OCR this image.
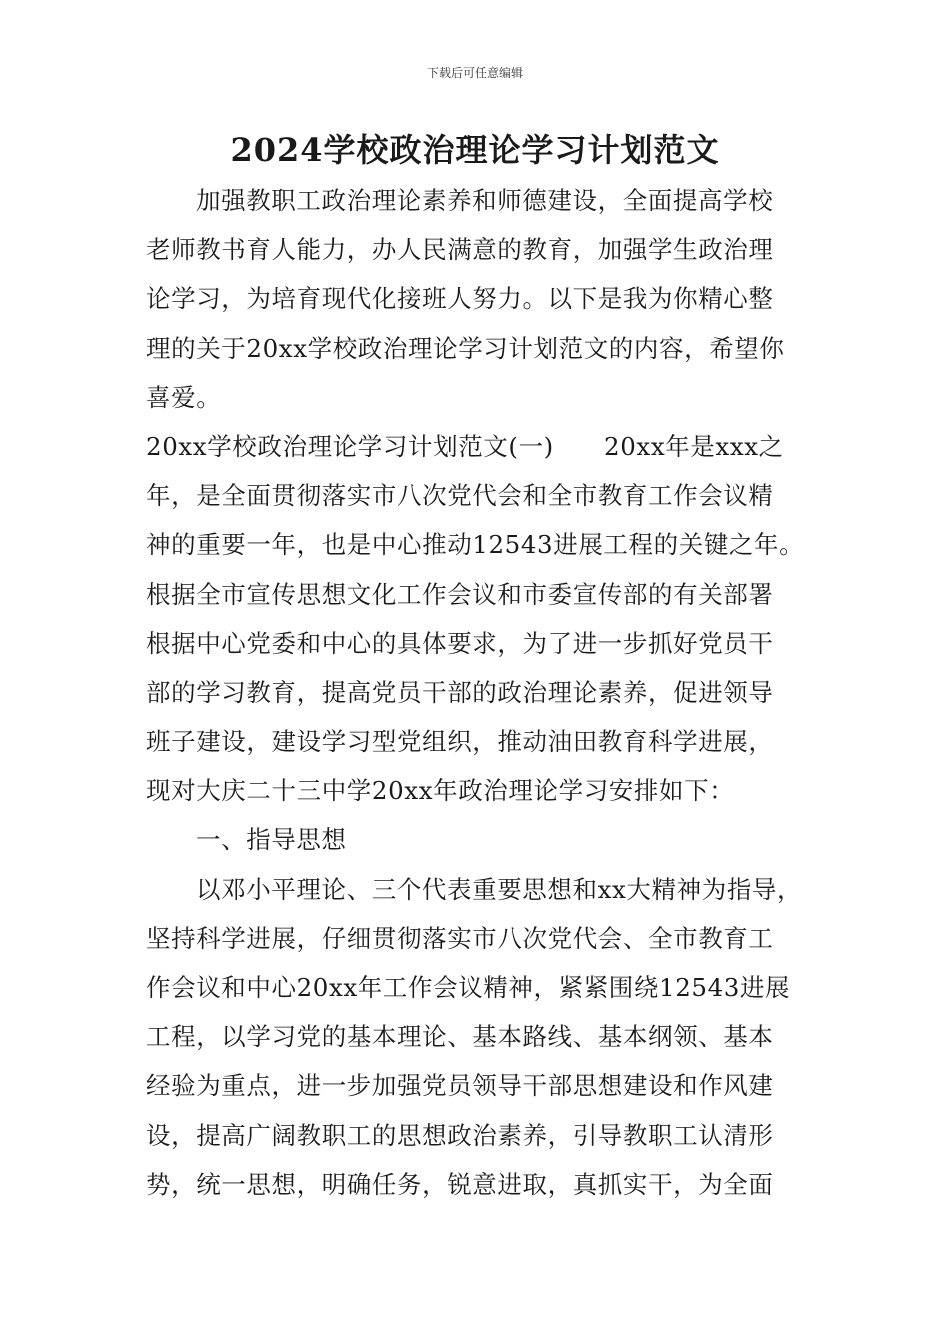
下载后可任意编辑
2024学校政治理论学习计划范文
加强教职工政治理论素养和师德建设，全面提高学校
老师教书育人能力，办人民满意的教育，加强学生政治理
论学习，为培育现代化接班人努力。以下是我为你精心整
理的关于20xx学校政治理论学习计划范文的内容，希望你
喜爱。
20xx学校政治理论学习计划范文(一)　　20xx年是xxx之
年，是全面贯彻落实市八次党代会和全市教育工作会议精
神的重要一年，也是中心推动12543进展工程的关键之年。
根据全市宣传思想文化工作会议和市委宣传部的有关部署
根据中心党委和中心的具体要求，为了进一步抓好党员干
部的学习教育，提高党员干部的政治理论素养，促进领导
班子建设，建设学习型党组织，推动油田教育科学进展，
现对大庆二十三中学20xx年政治理论学习安排如下：
一、指导思想
以邓小平理论、三个代表重要思想和xx大精神为指导，
坚持科学进展，仔细贯彻落实市八次党代会、全市教育工
作会议和中心20xx年工作会议精神，紧紧围绕12543进展
工程，以学习党的基本理论、基本路线、基本纲领、基本
经验为重点，进一步加强党员领导干部思想建设和作风建
设，提高广阔教职工的思想政治素养，引导教职工认清形
势，统一思想，明确任务，锐意进取，真抓实干，为全面
